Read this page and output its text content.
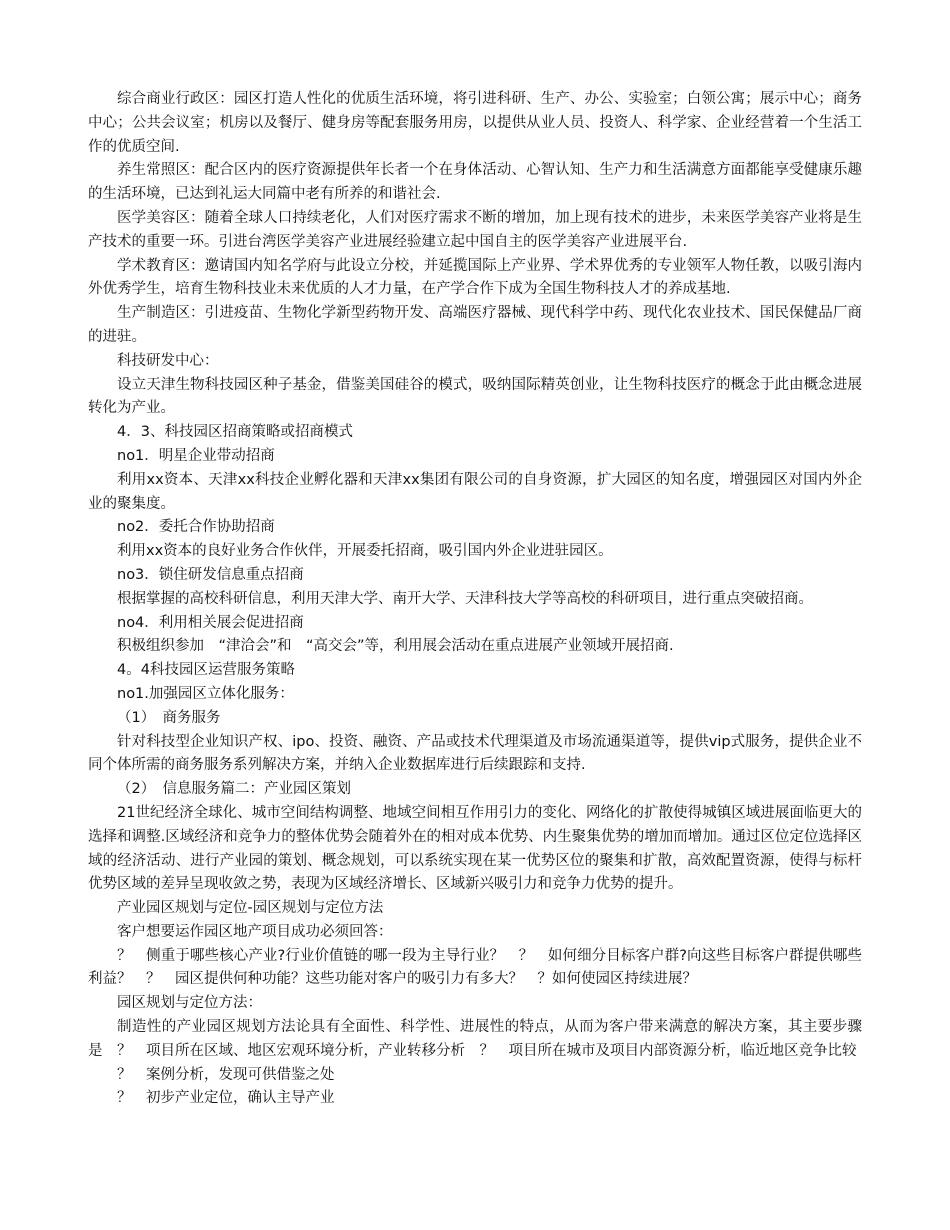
综合商业行政区：园区打造人性化的优质生活环境，将引进科研、生产、办公、实验室；白领公寓；展示中心；商务中心；公共会议室；机房以及餐厅、健身房等配套服务用房，以提供从业人员、投资人、科学家、企业经营着一个生活工作的优质空间.

养生常照区：配合区内的医疗资源提供年长者一个在身体活动、心智认知、生产力和生活满意方面都能享受健康乐趣的生活环境，已达到礼运大同篇中老有所养的和谐社会.

医学美容区：随着全球人口持续老化，人们对医疗需求不断的增加，加上现有技术的进步，未来医学美容产业将是生产技术的重要一环。引进台湾医学美容产业进展经验建立起中国自主的医学美容产业进展平台.

学术教育区：邀请国内知名学府与此设立分校，并延揽国际上产业界、学术界优秀的专业领军人物任教，以吸引海内外优秀学生，培育生物科技业未来优质的人才力量，在产学合作下成为全国生物科技人才的养成基地.

生产制造区：引进疫苗、生物化学新型药物开发、高端医疗器械、现代科学中药、现代化农业技术、国民保健品厂商的进驻。

科技研发中心：

设立天津生物科技园区种子基金，借鉴美国硅谷的模式，吸纳国际精英创业，让生物科技医疗的概念于此由概念进展转化为产业。

4．3、科技园区招商策略或招商模式

no1．明星企业带动招商

利用xx资本、天津xx科技企业孵化器和天津xx集团有限公司的自身资源，扩大园区的知名度，增强园区对国内外企业的聚集度。

no2．委托合作协助招商

利用xx资本的良好业务合作伙伴，开展委托招商，吸引国内外企业进驻园区。

no3．锁住研发信息重点招商

根据掌握的高校科研信息，利用天津大学、南开大学、天津科技大学等高校的科研项目，进行重点突破招商。

no4．利用相关展会促进招商

积极组织参加　“津洽会”和　“高交会”等，利用展会活动在重点进展产业领域开展招商.

4。4科技园区运营服务策略

no1.加强园区立体化服务：

（1）　商务服务

针对科技型企业知识产权、ipo、投资、融资、产品或技术代理渠道及市场流通渠道等，提供vip式服务，提供企业不同个体所需的商务服务系列解决方案，并纳入企业数据库进行后续跟踪和支持.

（2）　信息服务篇二：产业园区策划

21世纪经济全球化、城市空间结构调整、地域空间相互作用引力的变化、网络化的扩散使得城镇区域进展面临更大的选择和调整.区域经济和竞争力的整体优势会随着外在的相对成本优势、内生聚集优势的增加而增加。通过区位定位选择区域的经济活动、进行产业园的策划、概念规划，可以系统实现在某一优势区位的聚集和扩散，高效配置资源，使得与标杆优势区域的差异呈现收敛之势，表现为区域经济增长、区域新兴吸引力和竞争力优势的提升。

产业园区规划与定位-园区规划与定位方法

客户想要运作园区地产项目成功必须回答：

？　侧重于哪些核心产业?行业价值链的哪一段为主导行业？　？　如何细分目标客户群?向这些目标客户群提供哪些利益？　？　园区提供何种功能？这些功能对客户的吸引力有多大？　？如何使园区持续进展？

园区规划与定位方法：

制造性的产业园区规划方法论具有全面性、科学性、进展性的特点，从而为客户带来满意的解决方案，其主要步骤是　？　项目所在区域、地区宏观环境分析，产业转移分析　？　项目所在城市及项目内部资源分析，临近地区竞争比较

？　案例分析，发现可供借鉴之处

？　初步产业定位，确认主导产业
